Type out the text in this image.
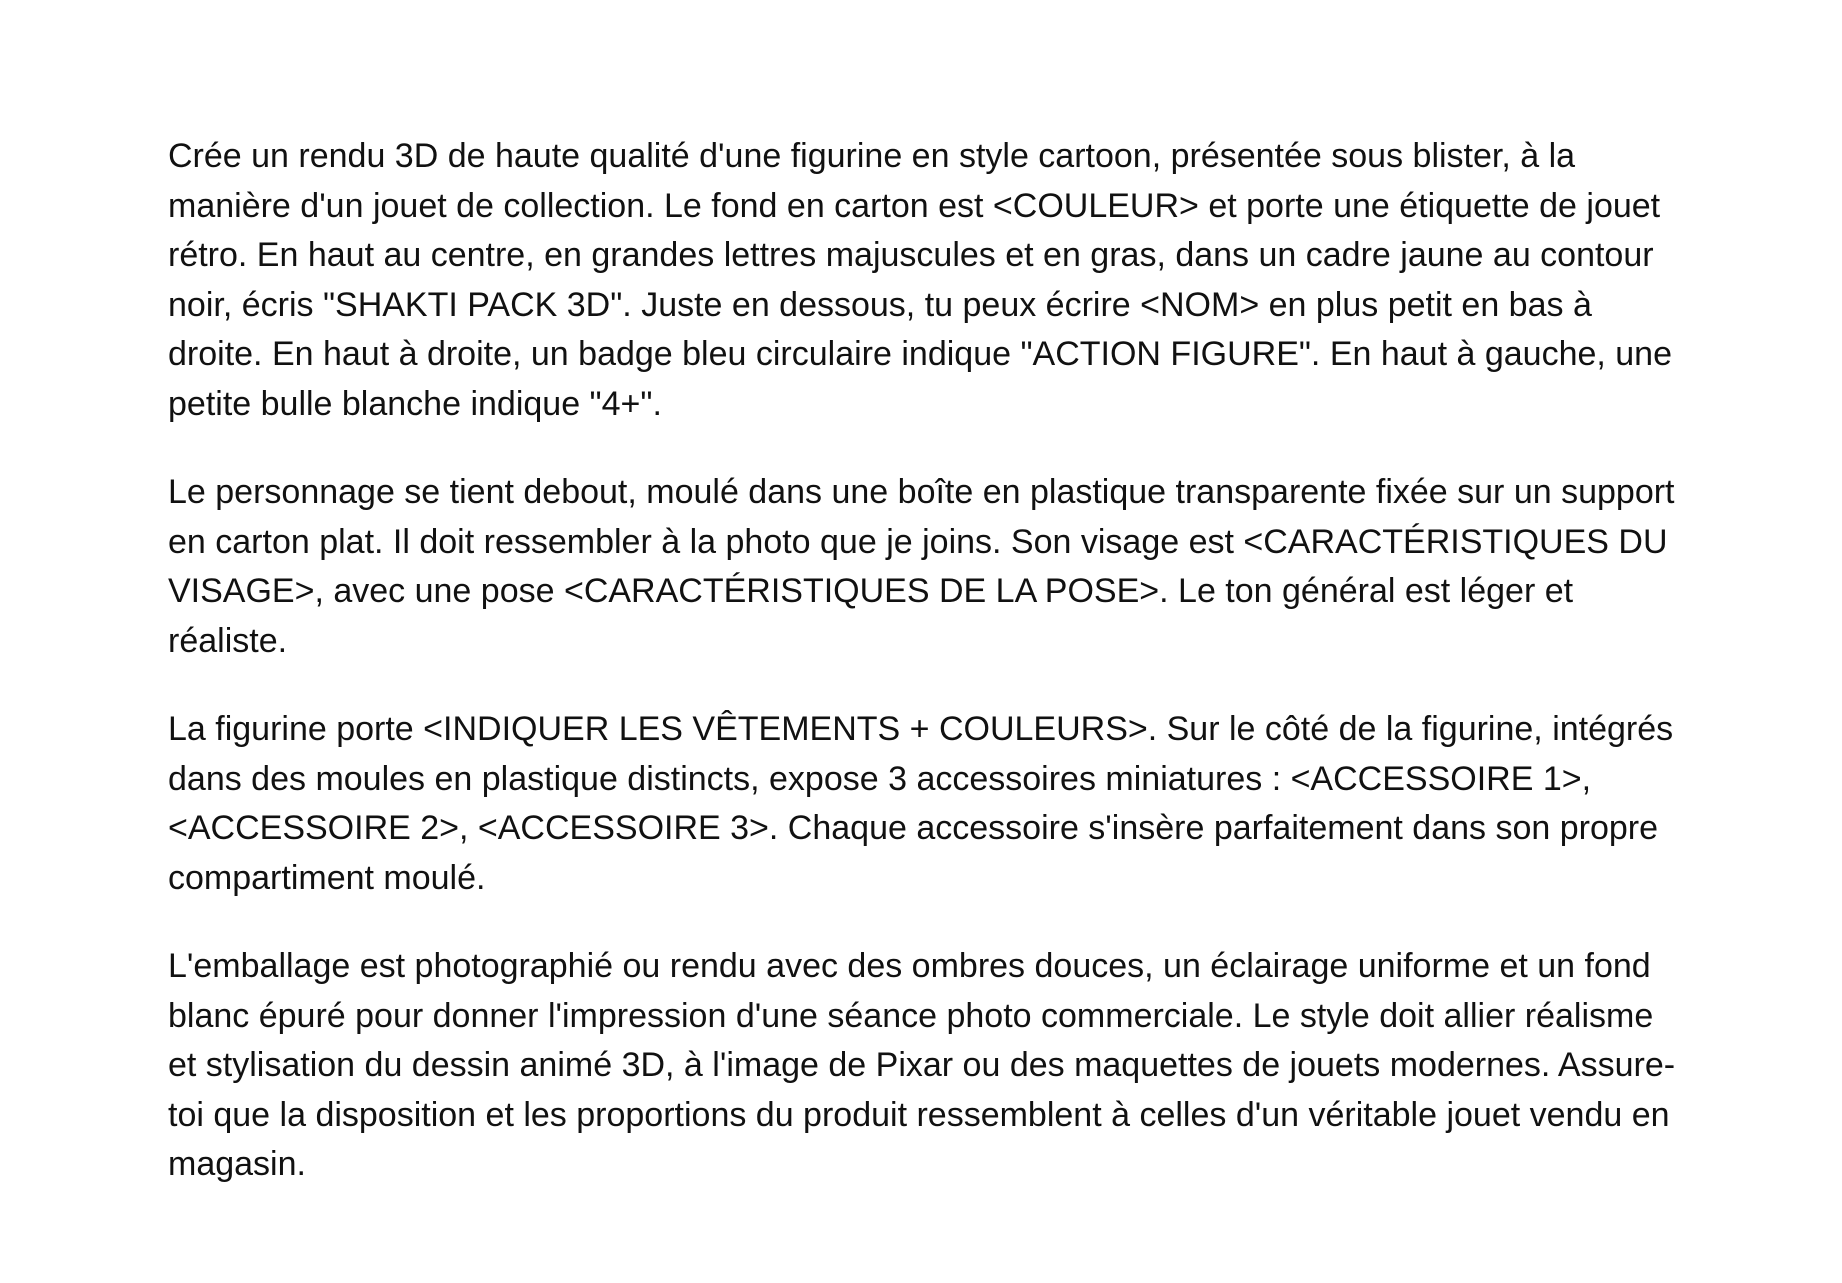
Crée un rendu 3D de haute qualité d'une figurine en style cartoon, présentée sous blister, à la manière d'un jouet de collection. Le fond en carton est <COULEUR> et porte une étiquette de jouet rétro. En haut au centre, en grandes lettres majuscules et en gras, dans un cadre jaune au contour noir, écris "SHAKTI PACK 3D". Juste en dessous, tu peux écrire <NOM> en plus petit en bas à droite. En haut à droite, un badge bleu circulaire indique "ACTION FIGURE". En haut à gauche, une petite bulle blanche indique "4+".

Le personnage se tient debout, moulé dans une boîte en plastique transparente fixée sur un support en carton plat. Il doit ressembler à la photo que je joins. Son visage est <CARACTÉRISTIQUES DU VISAGE>, avec une pose <CARACTÉRISTIQUES DE LA POSE>. Le ton général est léger et réaliste.

La figurine porte <INDIQUER LES VÊTEMENTS + COULEURS>. Sur le côté de la figurine, intégrés dans des moules en plastique distincts, expose 3 accessoires miniatures : <ACCESSOIRE 1>, <ACCESSOIRE 2>, <ACCESSOIRE 3>. Chaque accessoire s'insère parfaitement dans son propre compartiment moulé.

L'emballage est photographié ou rendu avec des ombres douces, un éclairage uniforme et un fond blanc épuré pour donner l'impression d'une séance photo commerciale. Le style doit allier réalisme et stylisation du dessin animé 3D, à l'image de Pixar ou des maquettes de jouets modernes. Assure-toi que la disposition et les proportions du produit ressemblent à celles d'un véritable jouet vendu en magasin.
